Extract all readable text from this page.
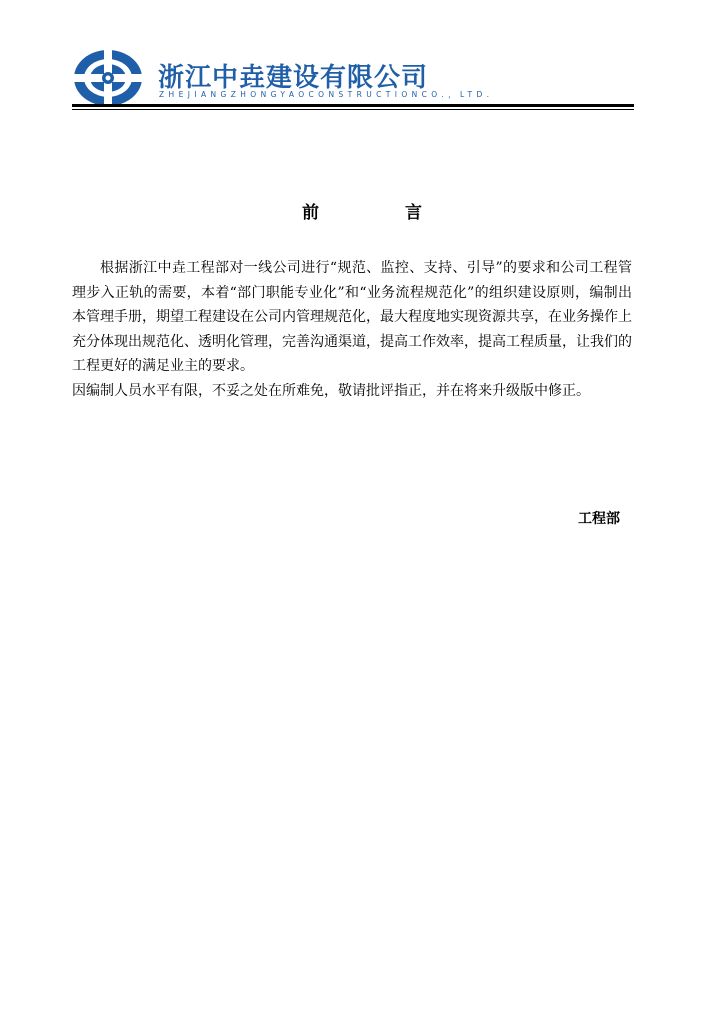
浙江中垚建设有限公司
ZHEJIANGZHONGYAOCONSTRUCTIONCO.，LTD.
前 言

根据浙江中垚工程部对一线公司进行“规范、监控、支持、引导”的要求和公司工程管理步入正轨的需要，本着“部门职能专业化”和“业务流程规范化”的组织建设原则，编制出本管理手册，期望工程建设在公司内管理规范化，最大程度地实现资源共享，在业务操作上充分体现出规范化、透明化管理，完善沟通渠道，提高工作效率，提高工程质量，让我们的工程更好的满足业主的要求。

因编制人员水平有限，不妥之处在所难免，敬请批评指正，并在将来升级版中修正。

工程部
